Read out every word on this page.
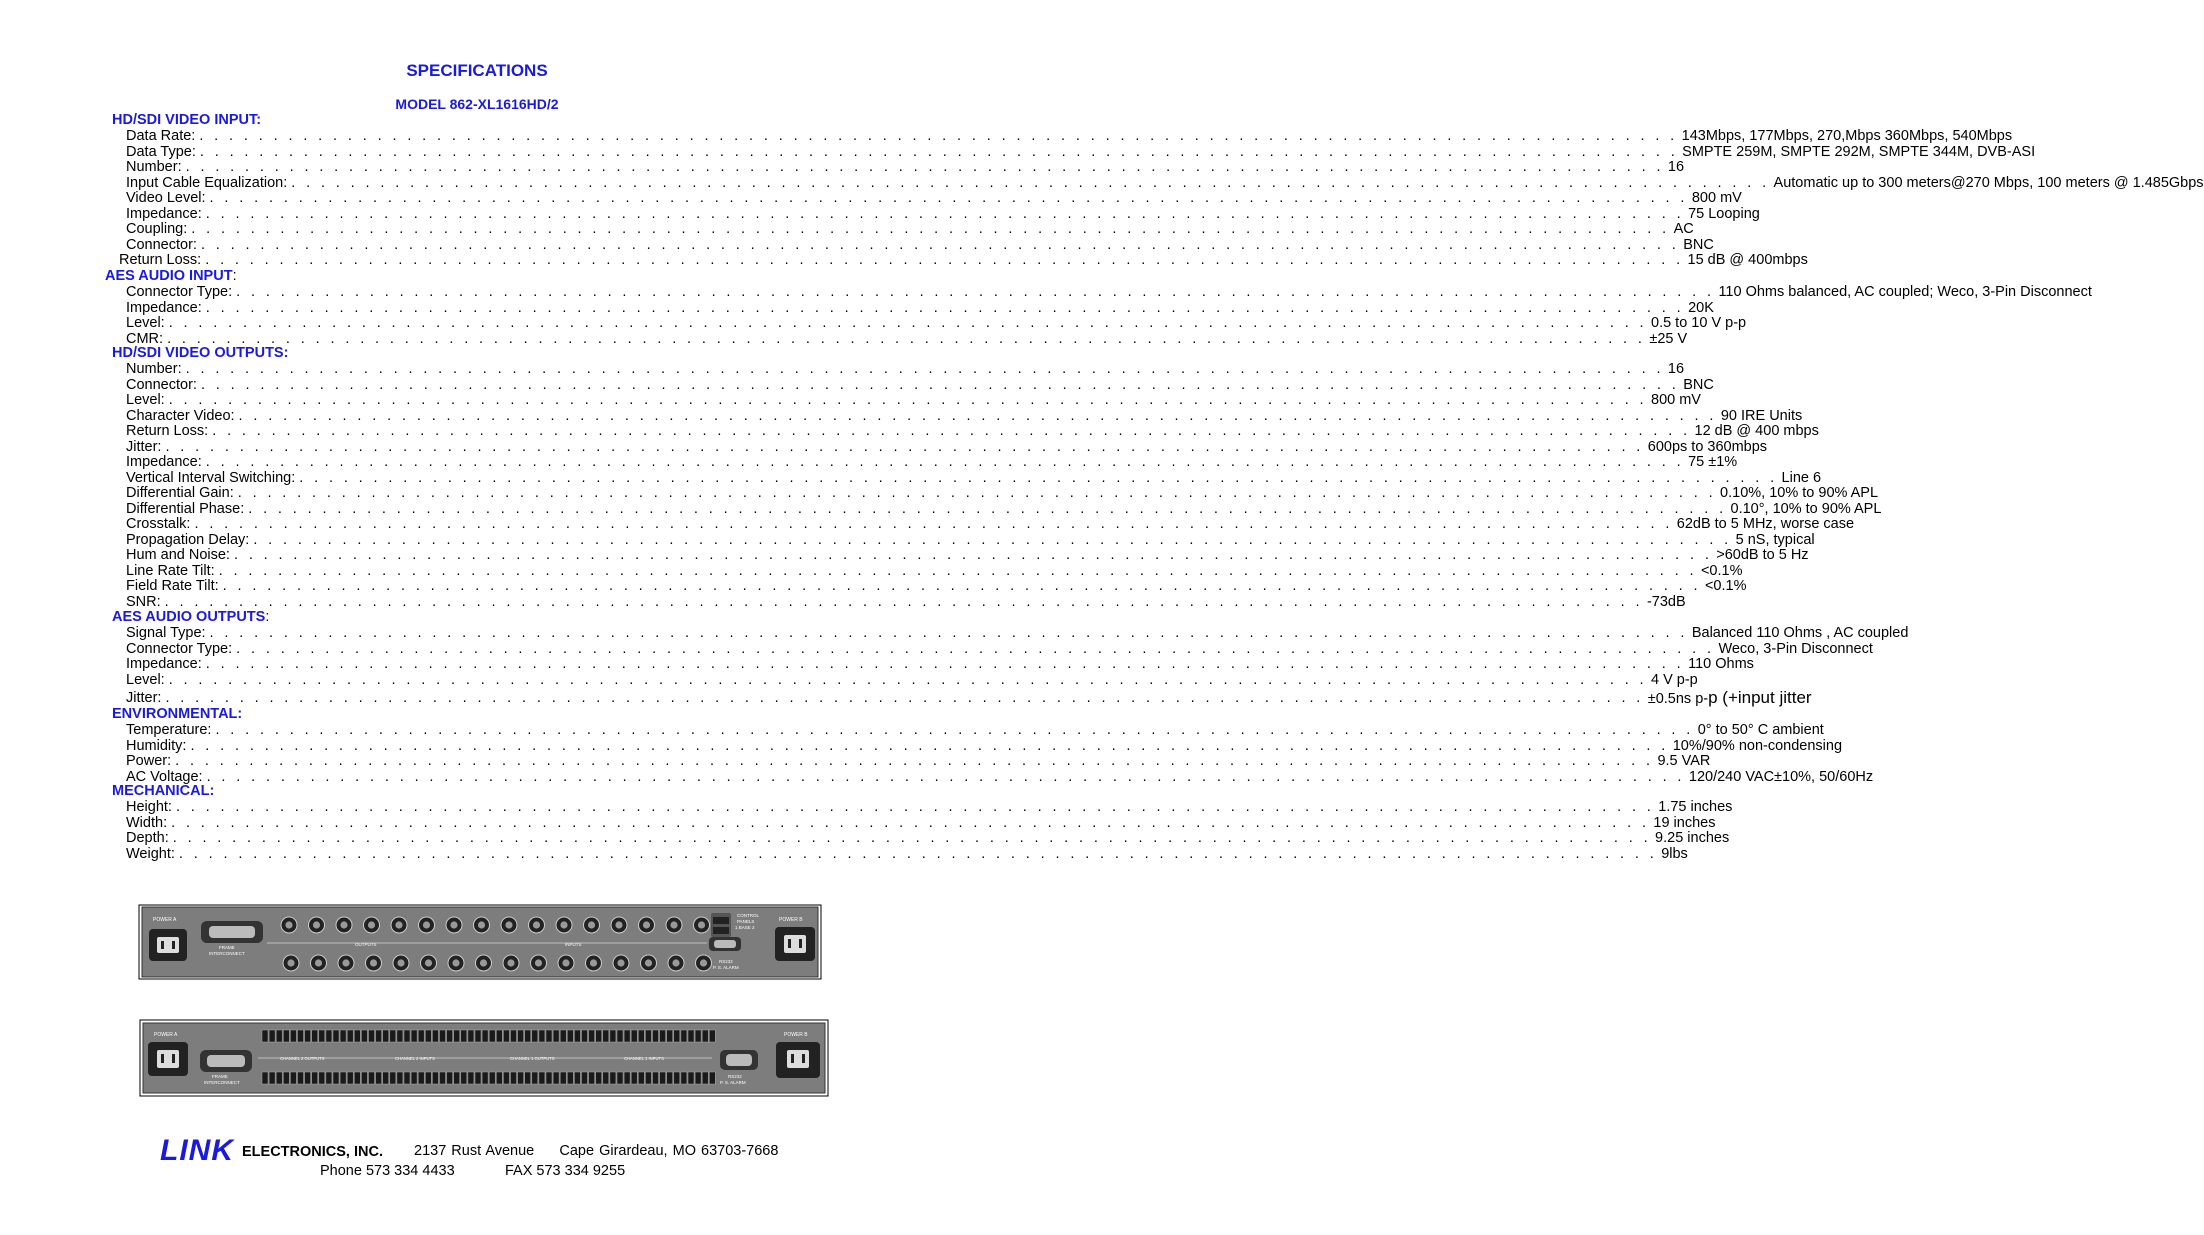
SPECIFICATIONS
MODEL 862-XL1616HD/2
HD/SDI VIDEO INPUT:
Data Rate: . . . . . . . . . . . . . . . . . . . . . . . . . . . . . . . . . . . . . . . . . . . . . . . . . . . . . . . . . . . . . . . . . . . . . . . . . . . . . . . . . . . . . . . . . . . . . . . . . . . . 143Mbps, 177Mbps, 270,Mbps 360Mbps, 540Mbps
Data Type: . . . . . . . . . . . . . . . . . . . . . . . . . . . . . . . . . . . . . . . . . . . . . . . . . . . . . . . . . . . . . . . . . . . . . . . . . . . . . . . . . . . . . . . . . . . . . . . . . . . . SMPTE 259M, SMPTE 292M, SMPTE 344M, DVB-ASI
Number: . . . . . . . . . . . . . . . . . . . . . . . . . . . . . . . . . . . . . . . . . . . . . . . . . . . . . . . . . . . . . . . . . . . . . . . . . . . . . . . . . . . . . . . . . . . . . . . . . . . . 16
Input Cable Equalization: . . . . . . . . . . . . . . . . . . . . . . . . . . . . . . . . . . . . . . . . . . . . . . . . . . . . . . . . . . . . . . . . . . . . . . . . . . . . . . . . . . . . . . . . . . . . . . . . . . . . Automatic up to 300 meters@270 Mbps, 100 meters @ 1.485Gbps
Video Level: . . . . . . . . . . . . . . . . . . . . . . . . . . . . . . . . . . . . . . . . . . . . . . . . . . . . . . . . . . . . . . . . . . . . . . . . . . . . . . . . . . . . . . . . . . . . . . . . . . . . 800 mV
Impedance: . . . . . . . . . . . . . . . . . . . . . . . . . . . . . . . . . . . . . . . . . . . . . . . . . . . . . . . . . . . . . . . . . . . . . . . . . . . . . . . . . . . . . . . . . . . . . . . . . . . . 75 Looping
Coupling: . . . . . . . . . . . . . . . . . . . . . . . . . . . . . . . . . . . . . . . . . . . . . . . . . . . . . . . . . . . . . . . . . . . . . . . . . . . . . . . . . . . . . . . . . . . . . . . . . . . . AC
Connector: . . . . . . . . . . . . . . . . . . . . . . . . . . . . . . . . . . . . . . . . . . . . . . . . . . . . . . . . . . . . . . . . . . . . . . . . . . . . . . . . . . . . . . . . . . . . . . . . . . . . BNC
Return Loss: . . . . . . . . . . . . . . . . . . . . . . . . . . . . . . . . . . . . . . . . . . . . . . . . . . . . . . . . . . . . . . . . . . . . . . . . . . . . . . . . . . . . . . . . . . . . . . . . . . . . 15 dB @ 400mbps
AES AUDIO INPUT:
Connector Type: . . . . . . . . . . . . . . . . . . . . . . . . . . . . . . . . . . . . . . . . . . . . . . . . . . . . . . . . . . . . . . . . . . . . . . . . . . . . . . . . . . . . . . . . . . . . . . . . . . . . 110 Ohms balanced, AC coupled; Weco, 3-Pin Disconnect
Impedance: . . . . . . . . . . . . . . . . . . . . . . . . . . . . . . . . . . . . . . . . . . . . . . . . . . . . . . . . . . . . . . . . . . . . . . . . . . . . . . . . . . . . . . . . . . . . . . . . . . . . 20K
Level: . . . . . . . . . . . . . . . . . . . . . . . . . . . . . . . . . . . . . . . . . . . . . . . . . . . . . . . . . . . . . . . . . . . . . . . . . . . . . . . . . . . . . . . . . . . . . . . . . . . . 0.5 to 10 V p-p
CMR: . . . . . . . . . . . . . . . . . . . . . . . . . . . . . . . . . . . . . . . . . . . . . . . . . . . . . . . . . . . . . . . . . . . . . . . . . . . . . . . . . . . . . . . . . . . . . . . . . . . . ±25 V
HD/SDI VIDEO OUTPUTS:
Number: . . . . . . . . . . . . . . . . . . . . . . . . . . . . . . . . . . . . . . . . . . . . . . . . . . . . . . . . . . . . . . . . . . . . . . . . . . . . . . . . . . . . . . . . . . . . . . . . . . . . 16
Connector: . . . . . . . . . . . . . . . . . . . . . . . . . . . . . . . . . . . . . . . . . . . . . . . . . . . . . . . . . . . . . . . . . . . . . . . . . . . . . . . . . . . . . . . . . . . . . . . . . . . . BNC
Level: . . . . . . . . . . . . . . . . . . . . . . . . . . . . . . . . . . . . . . . . . . . . . . . . . . . . . . . . . . . . . . . . . . . . . . . . . . . . . . . . . . . . . . . . . . . . . . . . . . . . 800 mV
Character Video: . . . . . . . . . . . . . . . . . . . . . . . . . . . . . . . . . . . . . . . . . . . . . . . . . . . . . . . . . . . . . . . . . . . . . . . . . . . . . . . . . . . . . . . . . . . . . . . . . . . . 90 IRE Units
Return Loss: . . . . . . . . . . . . . . . . . . . . . . . . . . . . . . . . . . . . . . . . . . . . . . . . . . . . . . . . . . . . . . . . . . . . . . . . . . . . . . . . . . . . . . . . . . . . . . . . . . . . 12 dB @ 400 mbps
Jitter: . . . . . . . . . . . . . . . . . . . . . . . . . . . . . . . . . . . . . . . . . . . . . . . . . . . . . . . . . . . . . . . . . . . . . . . . . . . . . . . . . . . . . . . . . . . . . . . . . . . . 600ps to 360mbps
Impedance: . . . . . . . . . . . . . . . . . . . . . . . . . . . . . . . . . . . . . . . . . . . . . . . . . . . . . . . . . . . . . . . . . . . . . . . . . . . . . . . . . . . . . . . . . . . . . . . . . . . . 75 ±1%
Vertical Interval Switching: . . . . . . . . . . . . . . . . . . . . . . . . . . . . . . . . . . . . . . . . . . . . . . . . . . . . . . . . . . . . . . . . . . . . . . . . . . . . . . . . . . . . . . . . . . . . . . . . . . . . Line 6
Differential Gain: . . . . . . . . . . . . . . . . . . . . . . . . . . . . . . . . . . . . . . . . . . . . . . . . . . . . . . . . . . . . . . . . . . . . . . . . . . . . . . . . . . . . . . . . . . . . . . . . . . . . 0.10%, 10% to 90% APL
Differential Phase: . . . . . . . . . . . . . . . . . . . . . . . . . . . . . . . . . . . . . . . . . . . . . . . . . . . . . . . . . . . . . . . . . . . . . . . . . . . . . . . . . . . . . . . . . . . . . . . . . . . . 0.10°, 10% to 90% APL
Crosstalk: . . . . . . . . . . . . . . . . . . . . . . . . . . . . . . . . . . . . . . . . . . . . . . . . . . . . . . . . . . . . . . . . . . . . . . . . . . . . . . . . . . . . . . . . . . . . . . . . . . . . 62dB to 5 MHz, worse case
Propagation Delay: . . . . . . . . . . . . . . . . . . . . . . . . . . . . . . . . . . . . . . . . . . . . . . . . . . . . . . . . . . . . . . . . . . . . . . . . . . . . . . . . . . . . . . . . . . . . . . . . . . . . 5 nS, typical
Hum and Noise: . . . . . . . . . . . . . . . . . . . . . . . . . . . . . . . . . . . . . . . . . . . . . . . . . . . . . . . . . . . . . . . . . . . . . . . . . . . . . . . . . . . . . . . . . . . . . . . . . . . . >60dB to 5 Hz
Line Rate Tilt: . . . . . . . . . . . . . . . . . . . . . . . . . . . . . . . . . . . . . . . . . . . . . . . . . . . . . . . . . . . . . . . . . . . . . . . . . . . . . . . . . . . . . . . . . . . . . . . . . . . . <0.1%
Field Rate Tilt: . . . . . . . . . . . . . . . . . . . . . . . . . . . . . . . . . . . . . . . . . . . . . . . . . . . . . . . . . . . . . . . . . . . . . . . . . . . . . . . . . . . . . . . . . . . . . . . . . . . . <0.1%
SNR: . . . . . . . . . . . . . . . . . . . . . . . . . . . . . . . . . . . . . . . . . . . . . . . . . . . . . . . . . . . . . . . . . . . . . . . . . . . . . . . . . . . . . . . . . . . . . . . . . . . . -73dB
AES AUDIO OUTPUTS:
Signal Type: . . . . . . . . . . . . . . . . . . . . . . . . . . . . . . . . . . . . . . . . . . . . . . . . . . . . . . . . . . . . . . . . . . . . . . . . . . . . . . . . . . . . . . . . . . . . . . . . . . . . Balanced 110 Ohms , AC coupled
Connector Type: . . . . . . . . . . . . . . . . . . . . . . . . . . . . . . . . . . . . . . . . . . . . . . . . . . . . . . . . . . . . . . . . . . . . . . . . . . . . . . . . . . . . . . . . . . . . . . . . . . . . Weco, 3-Pin Disconnect
Impedance: . . . . . . . . . . . . . . . . . . . . . . . . . . . . . . . . . . . . . . . . . . . . . . . . . . . . . . . . . . . . . . . . . . . . . . . . . . . . . . . . . . . . . . . . . . . . . . . . . . . . 110 Ohms
Level: . . . . . . . . . . . . . . . . . . . . . . . . . . . . . . . . . . . . . . . . . . . . . . . . . . . . . . . . . . . . . . . . . . . . . . . . . . . . . . . . . . . . . . . . . . . . . . . . . . . . 4 V p-p
Jitter: . . . . . . . . . . . . . . . . . . . . . . . . . . . . . . . . . . . . . . . . . . . . . . . . . . . . . . . . . . . . . . . . . . . . . . . . . . . . . . . . . . . . . . . . . . . . . . . . . . . . ±0.5ns p-p (+input jitter
ENVIRONMENTAL:
Temperature: . . . . . . . . . . . . . . . . . . . . . . . . . . . . . . . . . . . . . . . . . . . . . . . . . . . . . . . . . . . . . . . . . . . . . . . . . . . . . . . . . . . . . . . . . . . . . . . . . . . . 0° to 50° C ambient
Humidity: . . . . . . . . . . . . . . . . . . . . . . . . . . . . . . . . . . . . . . . . . . . . . . . . . . . . . . . . . . . . . . . . . . . . . . . . . . . . . . . . . . . . . . . . . . . . . . . . . . . . 10%/90% non-condensing
Power: . . . . . . . . . . . . . . . . . . . . . . . . . . . . . . . . . . . . . . . . . . . . . . . . . . . . . . . . . . . . . . . . . . . . . . . . . . . . . . . . . . . . . . . . . . . . . . . . . . . . 9.5 VAR
AC Voltage: . . . . . . . . . . . . . . . . . . . . . . . . . . . . . . . . . . . . . . . . . . . . . . . . . . . . . . . . . . . . . . . . . . . . . . . . . . . . . . . . . . . . . . . . . . . . . . . . . . . . 120/240 VAC±10%, 50/60Hz
MECHANICAL:
Height: . . . . . . . . . . . . . . . . . . . . . . . . . . . . . . . . . . . . . . . . . . . . . . . . . . . . . . . . . . . . . . . . . . . . . . . . . . . . . . . . . . . . . . . . . . . . . . . . . . . . 1.75 inches
Width: . . . . . . . . . . . . . . . . . . . . . . . . . . . . . . . . . . . . . . . . . . . . . . . . . . . . . . . . . . . . . . . . . . . . . . . . . . . . . . . . . . . . . . . . . . . . . . . . . . . . 19 inches
Depth: . . . . . . . . . . . . . . . . . . . . . . . . . . . . . . . . . . . . . . . . . . . . . . . . . . . . . . . . . . . . . . . . . . . . . . . . . . . . . . . . . . . . . . . . . . . . . . . . . . . . 9.25 inches
Weight: . . . . . . . . . . . . . . . . . . . . . . . . . . . . . . . . . . . . . . . . . . . . . . . . . . . . . . . . . . . . . . . . . . . . . . . . . . . . . . . . . . . . . . . . . . . . . . . . . . . . 9lbs
POWER A
FRAME
INTERCONNECT
OUTPUTS	INPUTS
CONTROL
PANELS
1 BASE 2
RS232
P. S. ALARM
POWER B
POWER A
FRAME
INTERCONNECT
CHANNEL 2 OUTPUTS	CHANNEL 2 INPUTS	CHANNEL 1 OUTPUTS	CHANNEL 1 INPUTS
RS232
P. S. ALARM
POWER B
LINK ELECTRONICS, INC. 2137 Rust Avenue     Cape Girardeau, MO 63703-7668
Phone 573 334 4433	FAX 573 334 9255
